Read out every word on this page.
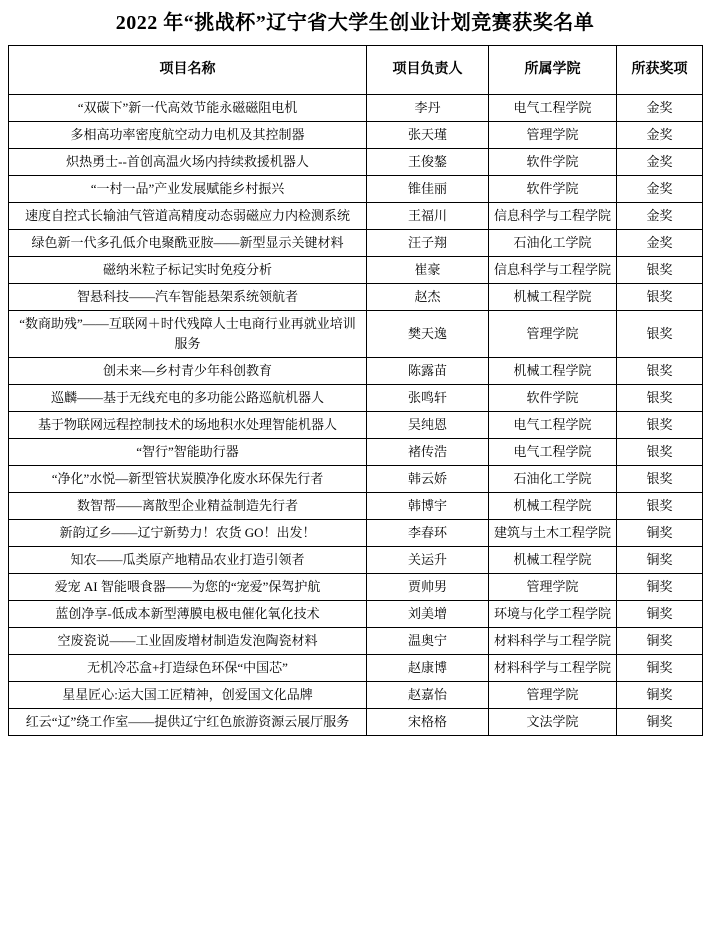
2022 年“挑战杯”辽宁省大学生创业计划竞赛获奖名单
项目名称	项目负责人	所属学院	所获奖项
“双碳下”新一代高效节能永磁磁阻电机	李丹	电气工程学院	金奖
多相高功率密度航空动力电机及其控制器	张天瑾	管理学院	金奖
炽热勇士--首创高温火场内持续救援机器人	王俊鏊	软件学院	金奖
“一村一品”产业发展赋能乡村振兴	锥佳丽	软件学院	金奖
速度自控式长输油气管道高精度动态弱磁应力内检测系统	王福川	信息科学与工程学院	金奖
绿色新一代多孔低介电聚酰亚胺——新型显示关键材料	汪子翔	石油化工学院	金奖
磁纳米粒子标记实时免疫分析	崔豪	信息科学与工程学院	银奖
智悬科技——汽车智能悬架系统领航者	赵杰	机械工程学院	银奖
“数商助残”——互联网＋时代残障人士电商行业再就业培训服务	樊天逸	管理学院	银奖
创未来—乡村青少年科创教育	陈露苗	机械工程学院	银奖
巡麟——基于无线充电的多功能公路巡航机器人	张鸣轩	软件学院	银奖
基于物联网远程控制技术的场地积水处理智能机器人	吴纯恩	电气工程学院	银奖
“智行”智能助行器	褚传浩	电气工程学院	银奖
“净化”水悦—新型管状炭膜净化废水环保先行者	韩云娇	石油化工学院	银奖
数智帮——离散型企业精益制造先行者	韩博宇	机械工程学院	银奖
新韵辽乡——辽宁新势力！农货 GO！出发！	李春环	建筑与土木工程学院	铜奖
知农——瓜类原产地精品农业打造引领者	关运升	机械工程学院	铜奖
爱宠 AI 智能喂食器——为您的“宠爱”保驾护航	贾帅男	管理学院	铜奖
蓝创净享-低成本新型薄膜电极电催化氧化技术	刘美增	环境与化学工程学院	铜奖
空废瓷说——工业固废增材制造发泡陶瓷材料	温奥宁	材料科学与工程学院	铜奖
无机冷芯盒+打造绿色环保“中国芯”	赵康博	材料科学与工程学院	铜奖
星星匠心:运大国工匠精神，创爱国文化品牌	赵嘉怡	管理学院	铜奖
红云“辽”绕工作室——提供辽宁红色旅游资源云展厅服务	宋格格	文法学院	铜奖
